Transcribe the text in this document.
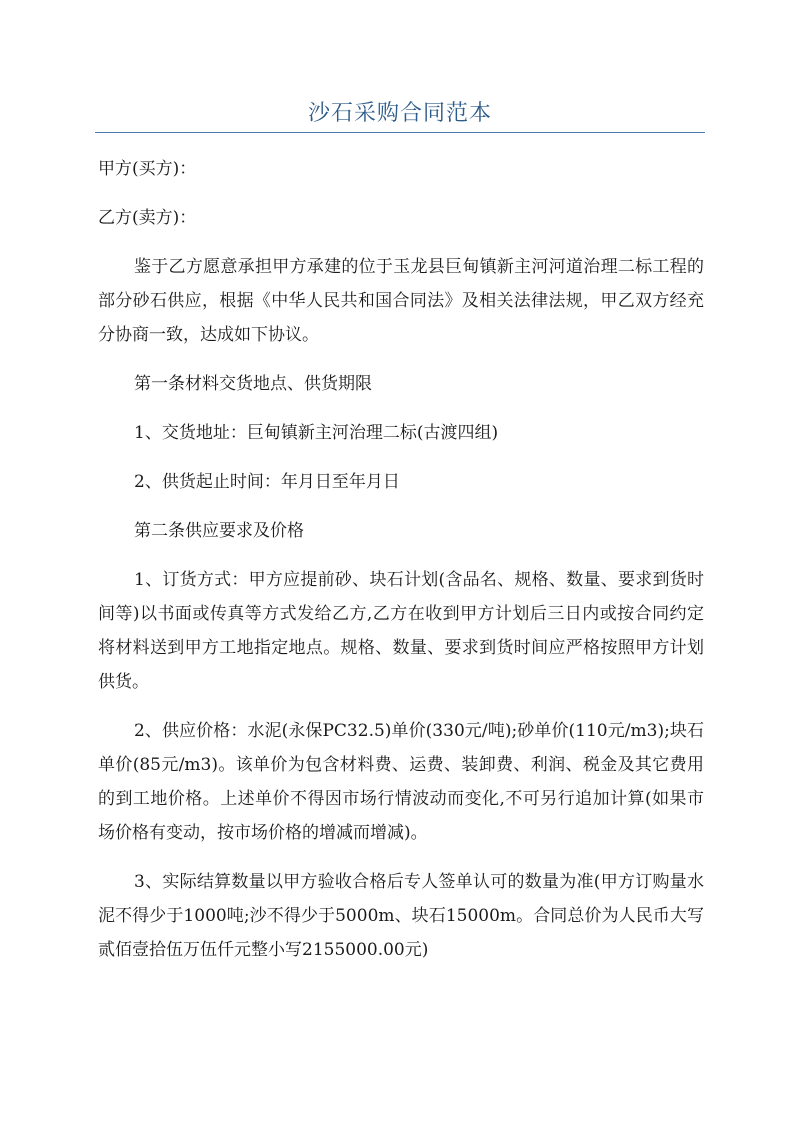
沙石采购合同范本

甲方(买方)：

乙方(卖方)：

鉴于乙方愿意承担甲方承建的位于玉龙县巨甸镇新主河河道治理二标工程的部分砂石供应，根据《中华人民共和国合同法》及相关法律法规，甲乙双方经充分协商一致，达成如下协议。

第一条材料交货地点、供货期限

1、交货地址：巨甸镇新主河治理二标(古渡四组)

2、供货起止时间：年月日至年月日

第二条供应要求及价格

1、订货方式：甲方应提前砂、块石计划(含品名、规格、数量、要求到货时间等)以书面或传真等方式发给乙方,乙方在收到甲方计划后三日内或按合同约定将材料送到甲方工地指定地点。规格、数量、要求到货时间应严格按照甲方计划供货。

2、供应价格：水泥(永保PC32.5)单价(330元/吨);砂单价(110元/m3);块石单价(85元/m3)。该单价为包含材料费、运费、装卸费、利润、税金及其它费用的到工地价格。上述单价不得因市场行情波动而变化,不可另行追加计算(如果市场价格有变动，按市场价格的增减而增减)。

3、实际结算数量以甲方验收合格后专人签单认可的数量为准(甲方订购量水泥不得少于1000吨;沙不得少于5000m、块石15000m。合同总价为人民币大写贰佰壹拾伍万伍仟元整小写2155000.00元)
